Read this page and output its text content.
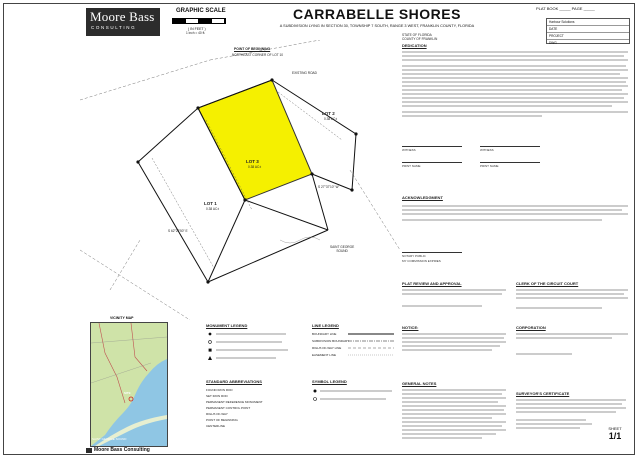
Moore Bass
CONSULTING
GRAPHIC SCALE
( IN FEET )
1 inch = 40 ft.
CARRABELLE SHORES
A SUBDIVISION LYING IN SECTION 30, TOWNSHIP 7 SOUTH, RANGE 3 WEST, FRANKLIN COUNTY, FLORIDA
PLAT BOOK _____ PAGE _____
Harbour Solutions
DATE
PROJECT
DWG
POINT OF BEGINNING
NORTHEAST CORNER OF LOT 10
EXISTING ROAD
LOT 3
0.38 AC±
LOT 2
0.38 AC±
LOT 1
0.38 AC±
S 27°37'10" W
S 62°22'50" E
SAINT GEORGE
SOUND
STATE OF FLORIDA
COUNTY OF FRANKLIN
DEDICATION
WITNESS	WITNESS
PRINT NAME	PRINT NAME
ACKNOWLEDGMENT
NOTARY PUBLIC
MY COMMISSION EXPIRES
PLAT REVIEW AND APPROVAL	CLERK OF THE CIRCUIT COURT
NOTICE:	CORPORATION
GENERAL NOTES
SURVEYOR'S CERTIFICATE
MONUMENT LEGEND	LINE LEGEND
BOUNDARY LINE
SUBDIVISION BOUNDARY
RIGHT-OF-WAY LINE
EASEMENT LINE
STANDARD ABBREVIATIONS
FOUND IRON ROD
SET IRON ROD
PERMANENT REFERENCE MONUMENT
PERMANENT CONTROL POINT
RIGHT-OF-WAY
POINT OF BEGINNING
CENTERLINE
SYMBOL LEGEND
VICINITY MAP
SITE
SAINT GEORGE SOUND
SHEET
1/1
Moore Bass Consulting
